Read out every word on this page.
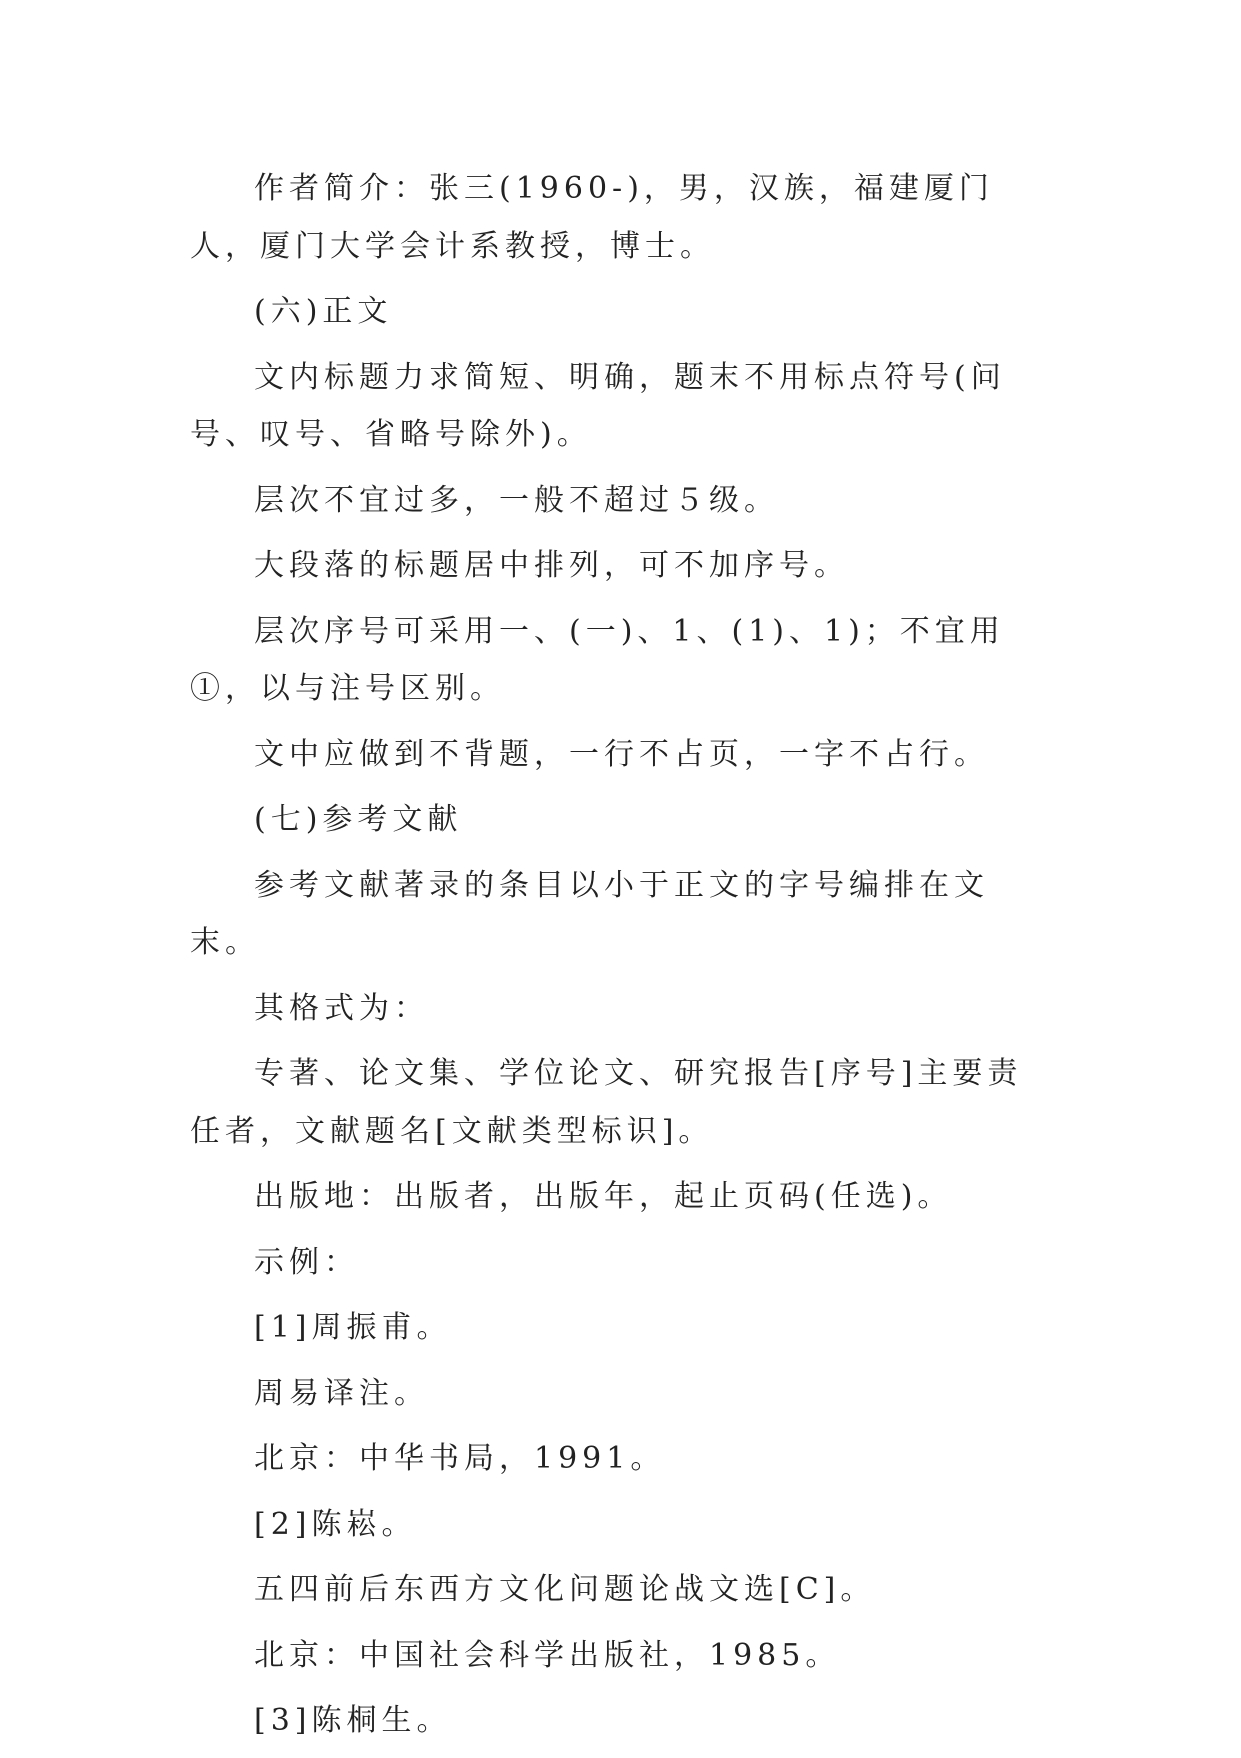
作者简介：张三(1960-)，男，汉族，福建厦门人，厦门大学会计系教授，博士。

(六)正文

文内标题力求简短、明确，题末不用标点符号(问号、叹号、省略号除外)。

层次不宜过多，一般不超过５级。

大段落的标题居中排列，可不加序号。

层次序号可采用一、(一)、1、(1)、1)；不宜用①，以与注号区别。

文中应做到不背题，一行不占页，一字不占行。

(七)参考文献

参考文献著录的条目以小于正文的字号编排在文末。

其格式为：

专著、论文集、学位论文、研究报告[序号]主要责任者，文献题名[文献类型标识]。

出版地：出版者，出版年，起止页码(任选)。

示例：

[1]周振甫。

周易译注。

北京：中华书局，1991。

[2]陈崧。

五四前后东西方文化问题论战文选[C]。

北京：中国社会科学出版社，1985。

[3]陈桐生。
